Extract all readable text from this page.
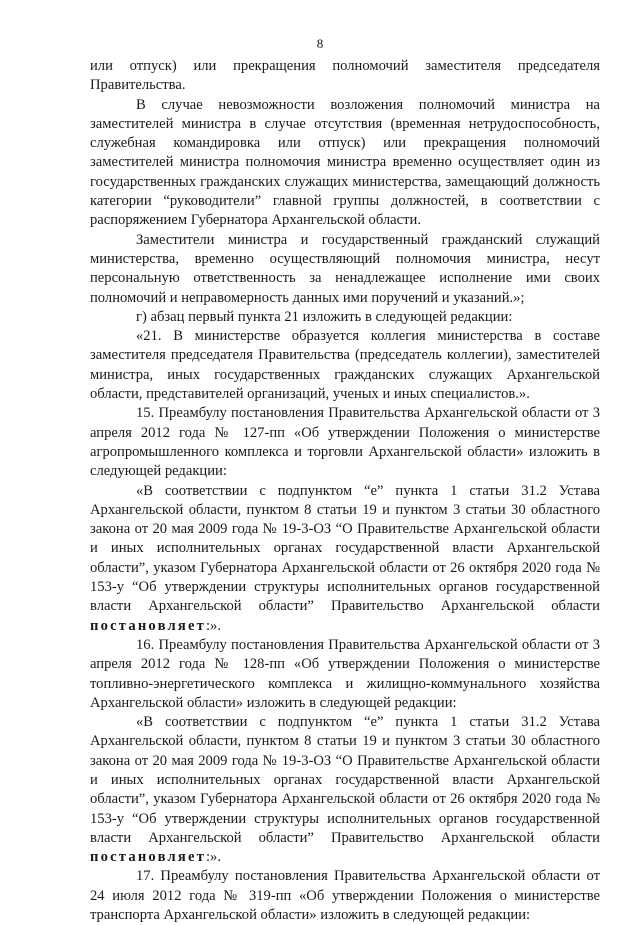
8

или отпуск) или прекращения полномочий заместителя председателя Правительства.

В случае невозможности возложения полномочий министра на заместителей министра в случае отсутствия (временная нетрудоспособность, служебная командировка или отпуск) или прекращения полномочий заместителей министра полномочия министра временно осуществляет один из государственных гражданских служащих министерства, замещающий должность категории “руководители” главной группы должностей, в соответствии с распоряжением Губернатора Архангельской области.

Заместители министра и государственный гражданский служащий министерства, временно осуществляющий полномочия министра, несут персональную ответственность за ненадлежащее исполнение ими своих полномочий и неправомерность данных ими поручений и указаний.»;

г) абзац первый пункта 21 изложить в следующей редакции:

«21. В министерстве образуется коллегия министерства в составе заместителя председателя Правительства (председатель коллегии), заместителей министра, иных государственных гражданских служащих Архангельской области, представителей организаций, ученых и иных специалистов.».

15. Преамбулу постановления Правительства Архангельской области от 3 апреля 2012 года № 127-пп «Об утверждении Положения о министерстве агропромышленного комплекса и торговли Архангельской области» изложить в следующей редакции:

«В соответствии с подпунктом “е” пункта 1 статьи 31.2 Устава Архангельской области, пунктом 8 статьи 19 и пунктом 3 статьи 30 областного закона от 20 мая 2009 года № 19-3-ОЗ “О Правительстве Архангельской области и иных исполнительных органах государственной власти Архангельской области”, указом Губернатора Архангельской области от 26 октября 2020 года № 153-у “Об утверждении структуры исполнительных органов государственной власти Архангельской области” Правительство Архангельской области постановляет:».

16. Преамбулу постановления Правительства Архангельской области от 3 апреля 2012 года № 128-пп «Об утверждении Положения о министерстве топливно-энергетического комплекса и жилищно-коммунального хозяйства Архангельской области» изложить в следующей редакции:

«В соответствии с подпунктом “е” пункта 1 статьи 31.2 Устава Архангельской области, пунктом 8 статьи 19 и пунктом 3 статьи 30 областного закона от 20 мая 2009 года № 19-3-ОЗ “О Правительстве Архангельской области и иных исполнительных органах государственной власти Архангельской области”, указом Губернатора Архангельской области от 26 октября 2020 года № 153-у “Об утверждении структуры исполнительных органов государственной власти Архангельской области” Правительство Архангельской области постановляет:».

17. Преамбулу постановления Правительства Архангельской области от 24 июля 2012 года № 319-пп «Об утверждении Положения о министерстве транспорта Архангельской области» изложить в следующей редакции:
